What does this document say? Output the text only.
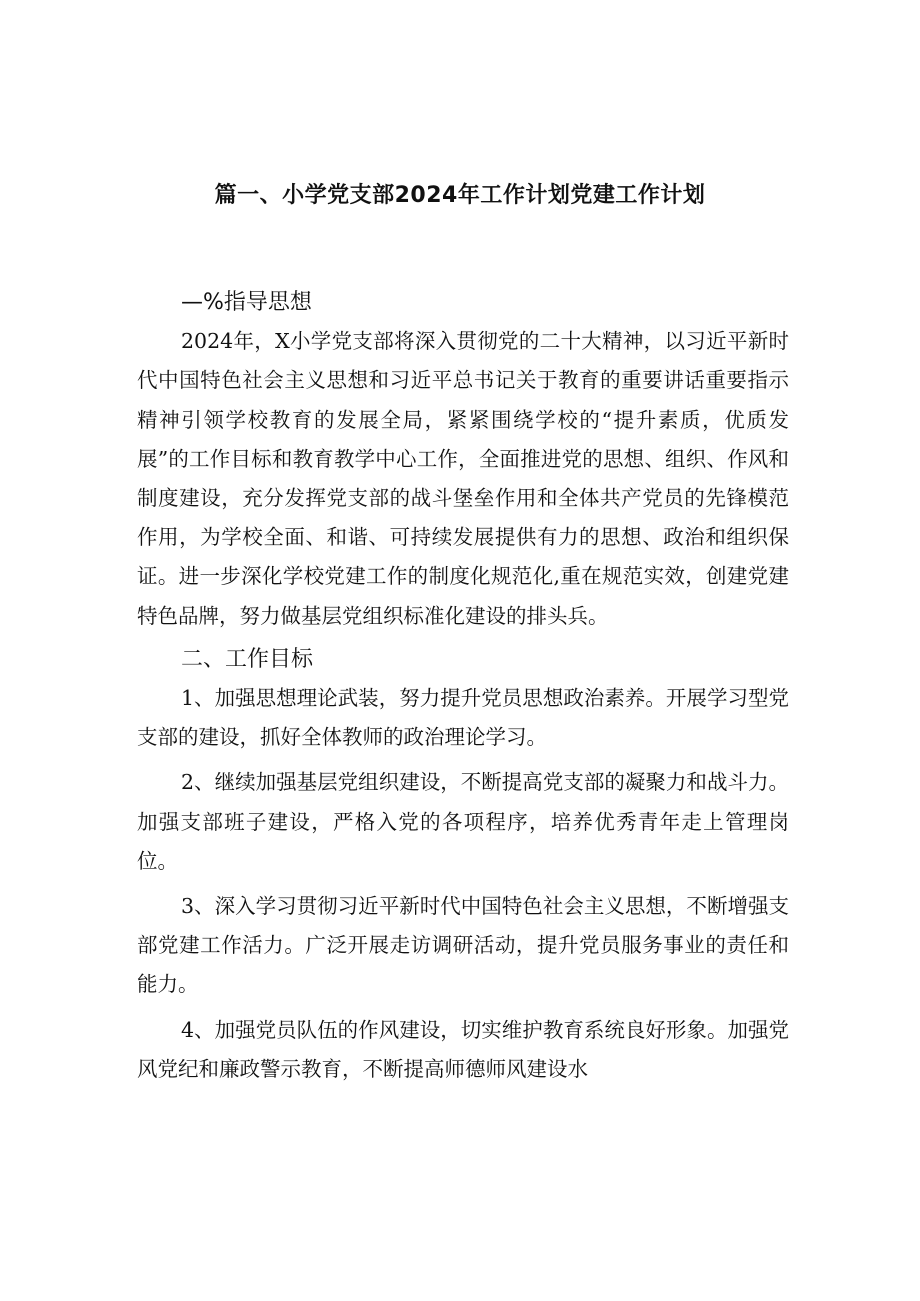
篇一、小学党支部2024年工作计划党建工作计划

—%指导思想

2024年，X小学党支部将深入贯彻党的二十大精神，以习近平新时代中国特色社会主义思想和习近平总书记关于教育的重要讲话重要指示精神引领学校教育的发展全局，紧紧围绕学校的“提升素质，优质发展”的工作目标和教育教学中心工作，全面推进党的思想、组织、作风和制度建设，充分发挥党支部的战斗堡垒作用和全体共产党员的先锋模范作用，为学校全面、和谐、可持续发展提供有力的思想、政治和组织保证。进一步深化学校党建工作的制度化规范化,重在规范实效，创建党建特色品牌，努力做基层党组织标准化建设的排头兵。

二、工作目标

1、加强思想理论武装，努力提升党员思想政治素养。开展学习型党支部的建设，抓好全体教师的政治理论学习。

2、继续加强基层党组织建设，不断提高党支部的凝聚力和战斗力。加强支部班子建设，严格入党的各项程序，培养优秀青年走上管理岗位。

3、深入学习贯彻习近平新时代中国特色社会主义思想，不断增强支部党建工作活力。广泛开展走访调研活动，提升党员服务事业的责任和能力。

4、加强党员队伍的作风建设，切实维护教育系统良好形象。加强党风党纪和廉政警示教育，不断提高师德师风建设水
